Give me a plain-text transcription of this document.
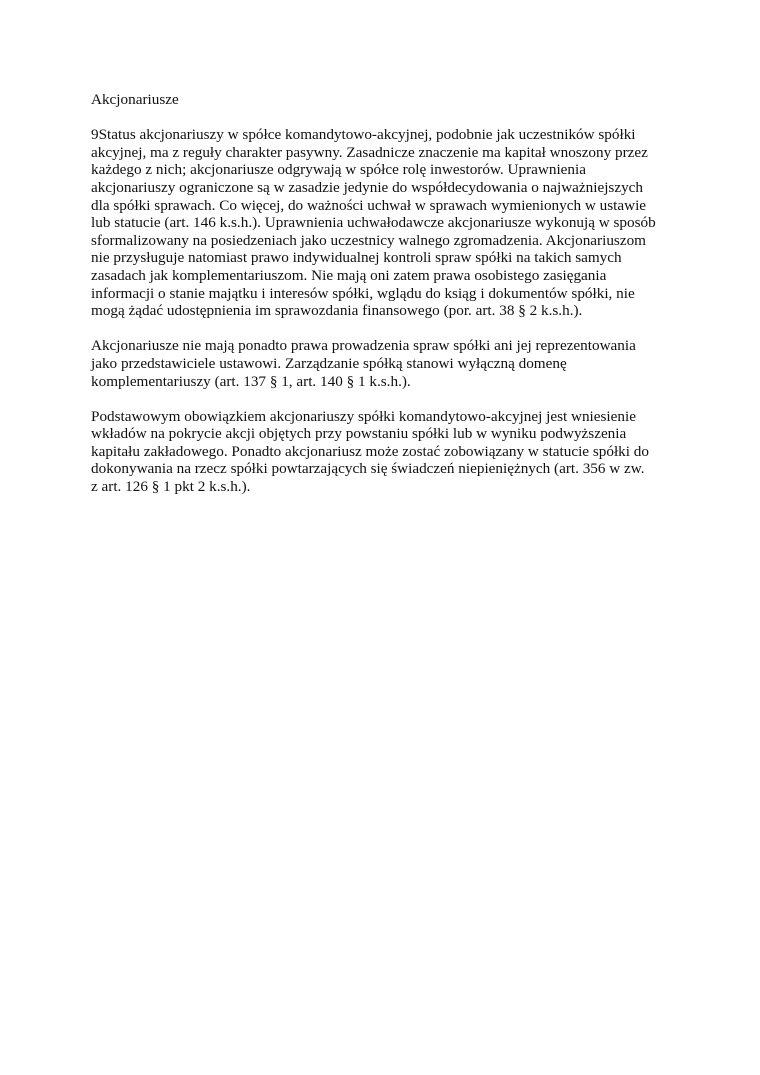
Akcjonariusze
9Status akcjonariuszy w spółce komandytowo-akcyjnej, podobnie jak uczestników spółki
akcyjnej, ma z reguły charakter pasywny. Zasadnicze znaczenie ma kapitał wnoszony przez
każdego z nich; akcjonariusze odgrywają w spółce rolę inwestorów. Uprawnienia
akcjonariuszy ograniczone są w zasadzie jedynie do współdecydowania o najważniejszych
dla spółki sprawach. Co więcej, do ważności uchwał w sprawach wymienionych w ustawie
lub statucie (art. 146 k.s.h.). Uprawnienia uchwałodawcze akcjonariusze wykonują w sposób
sformalizowany na posiedzeniach jako uczestnicy walnego zgromadzenia. Akcjonariuszom
nie przysługuje natomiast prawo indywidualnej kontroli spraw spółki na takich samych
zasadach jak komplementariuszom. Nie mają oni zatem prawa osobistego zasięgania
informacji o stanie majątku i interesów spółki, wglądu do ksiąg i dokumentów spółki, nie
mogą żądać udostępnienia im sprawozdania finansowego (por. art. 38 § 2 k.s.h.).
Akcjonariusze nie mają ponadto prawa prowadzenia spraw spółki ani jej reprezentowania
jako przedstawiciele ustawowi. Zarządzanie spółką stanowi wyłączną domenę
komplementariuszy (art. 137 § 1, art. 140 § 1 k.s.h.).
Podstawowym obowiązkiem akcjonariuszy spółki komandytowo-akcyjnej jest wniesienie
wkładów na pokrycie akcji objętych przy powstaniu spółki lub w wyniku podwyższenia
kapitału zakładowego. Ponadto akcjonariusz może zostać zobowiązany w statucie spółki do
dokonywania na rzecz spółki powtarzających się świadczeń niepieniężnych (art. 356 w zw.
z art. 126 § 1 pkt 2 k.s.h.).
